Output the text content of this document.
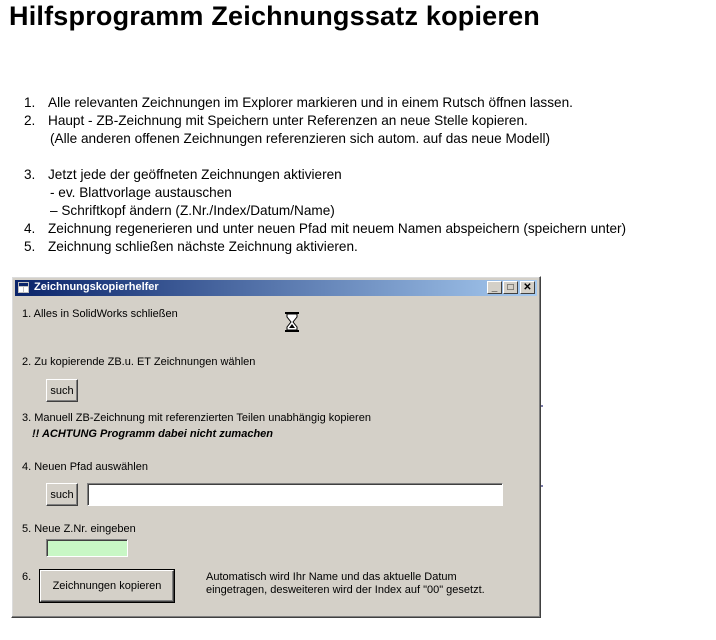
Hilfsprogramm Zeichnungssatz kopieren
1. Alle relevanten Zeichnungen im Explorer markieren und in einem Rutsch öffnen lassen.
2. Haupt - ZB-Zeichnung mit Speichern unter Referenzen an neue Stelle kopieren.
(Alle anderen offenen Zeichnungen referenzieren sich autom. auf das neue Modell)
3. Jetzt jede der geöffneten Zeichnungen aktivieren
- ev. Blattvorlage austauschen
– Schriftkopf ändern (Z.Nr./Index/Datum/Name)
4. Zeichnung regenerieren und unter neuen Pfad mit neuem Namen abspeichern (speichern unter)
5. Zeichnung schließen nächste Zeichnung aktivieren.
Zeichnungskopierhelfer	_	□ ✕
1. Alles in SolidWorks schließen
2. Zu kopierende ZB.u. ET Zeichnungen wählen
such
3. Manuell ZB-Zeichnung mit referenzierten Teilen unabhängig kopieren
!! ACHTUNG Programm dabei nicht zumachen
4. Neuen Pfad auswählen
such
5. Neue Z.Nr. eingeben
6.
Zeichnungen kopieren
Automatisch wird Ihr Name und das aktuelle Datum
eingetragen, desweiteren wird der Index auf "00" gesetzt.
